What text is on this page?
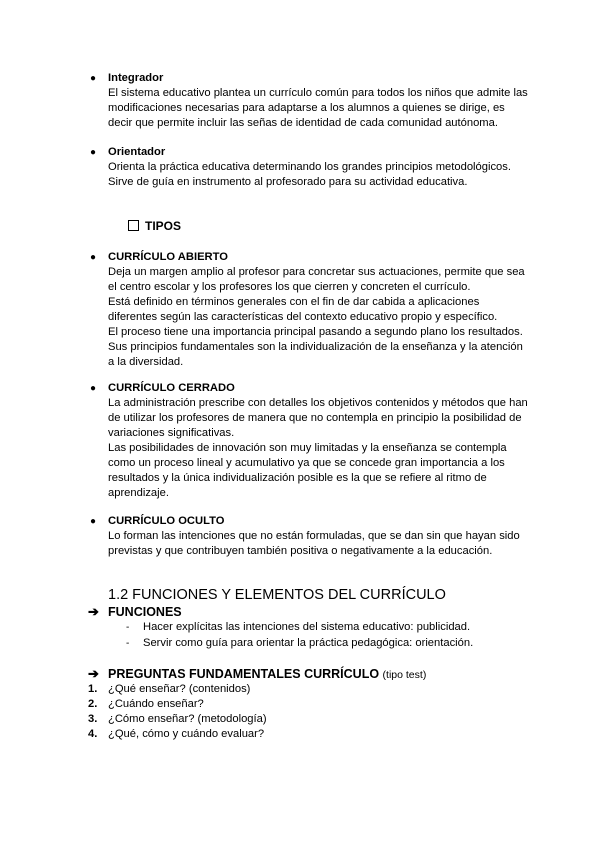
● Integrador
El sistema educativo plantea un currículo común para todos los niños que admite las
modificaciones necesarias para adaptarse a los alumnos a quienes se dirige, es
decir que permite incluir las señas de identidad de cada comunidad autónoma.
● Orientador
Orienta la práctica educativa determinando los grandes principios metodológicos.
Sirve de guía en instrumento al profesorado para su actividad educativa.
TIPOS
● CURRÍCULO ABIERTO
Deja un margen amplio al profesor para concretar sus actuaciones, permite que sea
el centro escolar y los profesores los que cierren y concreten el currículo.
Está definido en términos generales con el fin de dar cabida a aplicaciones
diferentes según las características del contexto educativo propio y específico.
El proceso tiene una importancia principal pasando a segundo plano los resultados.
Sus principios fundamentales son la individualización de la enseñanza y la atención
a la diversidad.
● CURRÍCULO CERRADO
La administración prescribe con detalles los objetivos contenidos y métodos que han
de utilizar los profesores de manera que no contempla en principio la posibilidad de
variaciones significativas.
Las posibilidades de innovación son muy limitadas y la enseñanza se contempla
como un proceso lineal y acumulativo ya que se concede gran importancia a los
resultados y la única individualización posible es la que se refiere al ritmo de
aprendizaje.
● CURRÍCULO OCULTO
Lo forman las intenciones que no están formuladas, que se dan sin que hayan sido
previstas y que contribuyen también positiva o negativamente a la educación.
1.2 FUNCIONES Y ELEMENTOS DEL CURRÍCULO
➔ FUNCIONES
- Hacer explícitas las intenciones del sistema educativo: publicidad.
- Servir como guía para orientar la práctica pedagógica: orientación.
➔ PREGUNTAS FUNDAMENTALES CURRÍCULO (tipo test)
1. ¿Qué enseñar? (contenidos)
2. ¿Cuándo enseñar?
3. ¿Cómo enseñar? (metodología)
4. ¿Qué, cómo y cuándo evaluar?
